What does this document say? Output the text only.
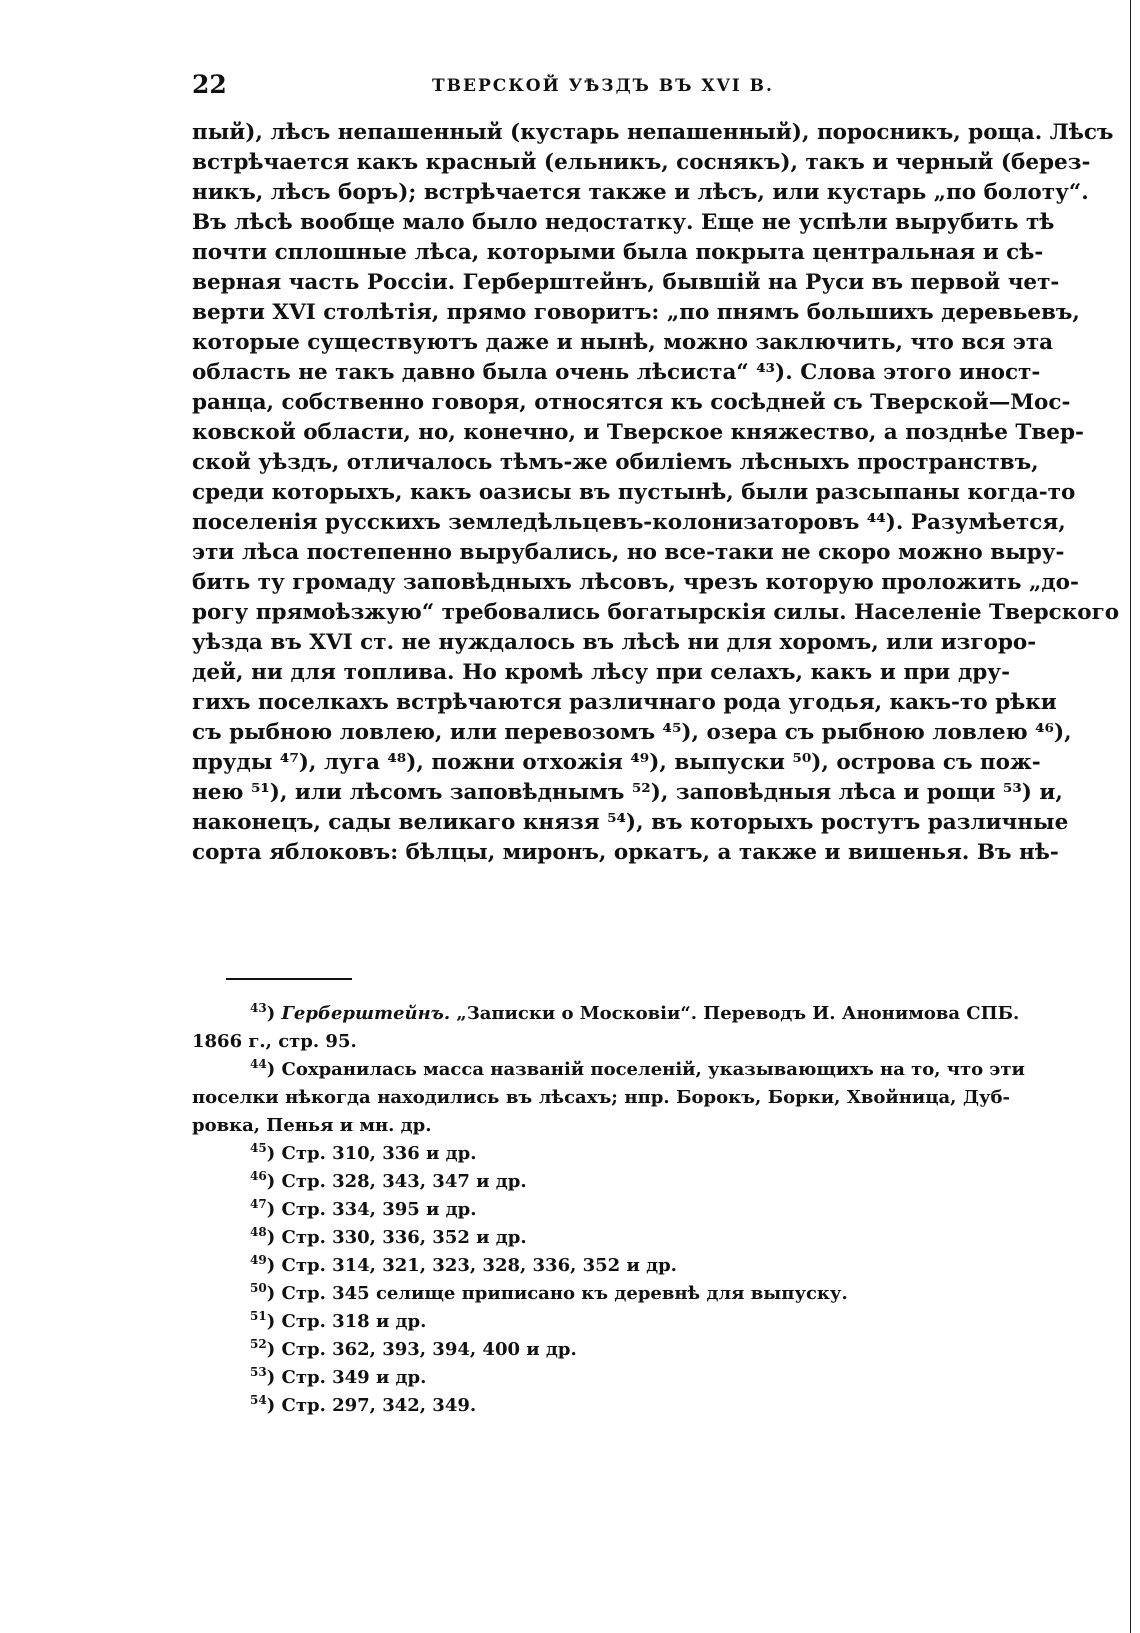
22	ТВЕРСКОЙ УѢЗДЪ ВЪ XVI В.
пый), лѣсъ непашенный (кустарь непашенный), поросникъ, роща. Лѣсъ
встрѣчается какъ красный (ельникъ, соснякъ), такъ и черный (берез-
никъ, лѣсъ боръ); встрѣчается также и лѣсъ, или кустарь „по болоту“.
Въ лѣсѣ вообще мало было недостатку. Еще не успѣли вырубить тѣ
почти сплошные лѣса, которыми была покрыта центральная и сѣ-
верная часть Россіи. Герберштейнъ, бывшій на Руси въ первой чет-
верти XVI столѣтія, прямо говоритъ: „по пнямъ большихъ деревьевъ,
которые существуютъ даже и нынѣ, можно заключить, что вся эта
область не такъ давно была очень лѣсиста“ ⁴³). Слова этого иност-
ранца, собственно говоря, относятся къ сосѣдней съ Тверской—Мос-
ковской области, но, конечно, и Тверское княжество, а позднѣе Твер-
ской уѣздъ, отличалось тѣмъ-же обиліемъ лѣсныхъ пространствъ,
среди которыхъ, какъ оазисы въ пустынѣ, были разсыпаны когда-то
поселенія русскихъ земледѣльцевъ-колонизаторовъ ⁴⁴). Разумѣется,
эти лѣса постепенно вырубались, но все-таки не скоро можно выру-
бить ту громаду заповѣдныхъ лѣсовъ, чрезъ которую проложить „до-
рогу прямоѣзжую“ требовались богатырскія силы. Населеніе Тверского
уѣзда въ XVI ст. не нуждалось въ лѣсѣ ни для хоромъ, или изгоро-
дей, ни для топлива. Но кромѣ лѣсу при селахъ, какъ и при дру-
гихъ поселкахъ встрѣчаются различнаго рода угодья, какъ-то рѣки
съ рыбною ловлею, или перевозомъ ⁴⁵), озера съ рыбною ловлею ⁴⁶),
пруды ⁴⁷), луга ⁴⁸), пожни отхожія ⁴⁹), выпуски ⁵⁰), острова съ пож-
нею ⁵¹), или лѣсомъ заповѣднымъ ⁵²), заповѣдныя лѣса и рощи ⁵³) и,
наконецъ, сады великаго князя ⁵⁴), въ которыхъ ростутъ различные
сорта яблоковъ: бѣлцы, миронъ, оркатъ, а также и вишенья. Въ нѣ-
$^{43}$) Герберштейнъ. „Записки о Московіи“. Переводъ И. Анонимова СПБ.
1866 г., стр. 95.
$^{44}$) Сохранилась масса названій поселеній, указывающихъ на то, что эти
поселки нѣкогда находились въ лѣсахъ; нпр. Борокъ, Борки, Хвойница, Дуб-
ровка, Пенья и мн. др.
$^{45}$) Стр. 310, 336 и др.
$^{46}$) Стр. 328, 343, 347 и др.
$^{47}$) Стр. 334, 395 и др.
$^{48}$) Стр. 330, 336, 352 и др.
$^{49}$) Стр. 314, 321, 323, 328, 336, 352 и др.
$^{50}$) Стр. 345 селище приписано къ деревнѣ для выпуску.
$^{51}$) Стр. 318 и др.
$^{52}$) Стр. 362, 393, 394, 400 и др.
$^{53}$) Стр. 349 и др.
$^{54}$) Стр. 297, 342, 349.
